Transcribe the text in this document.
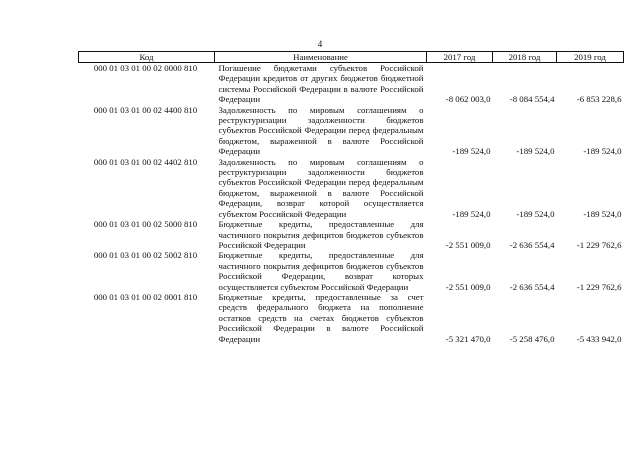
4
Код	Наименование	2017 год	2018 год	2019 год
000 01 03 01 00 02 0000 810	Погашение бюджетами субъектов Российской Федерации кредитов от других бюджетов бюджетной системы Российской Федерации в валюте Российской Федерации	-8 062 003,0	-8 084 554,4	-6 853 228,6
000 01 03 01 00 02 4400 810	Задолженность по мировым соглашениям о реструктуризации задолженности бюджетов субъектов Российской Федерации перед федеральным бюджетом, выраженной в валюте Российской Федерации	-189 524,0	-189 524,0	-189 524,0
000 01 03 01 00 02 4402 810	Задолженность по мировым соглашениям о реструктуризации задолженности бюджетов субъектов Российской Федерации перед федеральным бюджетом, выраженной в валюте Российской Федерации, возврат которой осуществляется субъектом Российской Федерации	-189 524,0	-189 524,0	-189 524,0
000 01 03 01 00 02 5000 810	Бюджетные кредиты, предоставленные для частичного покрытия дефицитов бюджетов субъектов Российской Федерации	-2 551 009,0	-2 636 554,4	-1 229 762,6
000 01 03 01 00 02 5002 810	Бюджетные кредиты, предоставленные для частичного покрытия дефицитов бюджетов субъектов Российской Федерации, возврат которых осуществляется субъектом Российской Федерации	-2 551 009,0	-2 636 554,4	-1 229 762,6
000 01 03 01 00 02 0001 810	Бюджетные кредиты, предоставленные за счет средств федерального бюджета на пополнение остатков средств на счетах бюджетов субъектов Российской Федерации в валюте Российской Федерации	-5 321 470,0	-5 258 476,0	-5 433 942,0
